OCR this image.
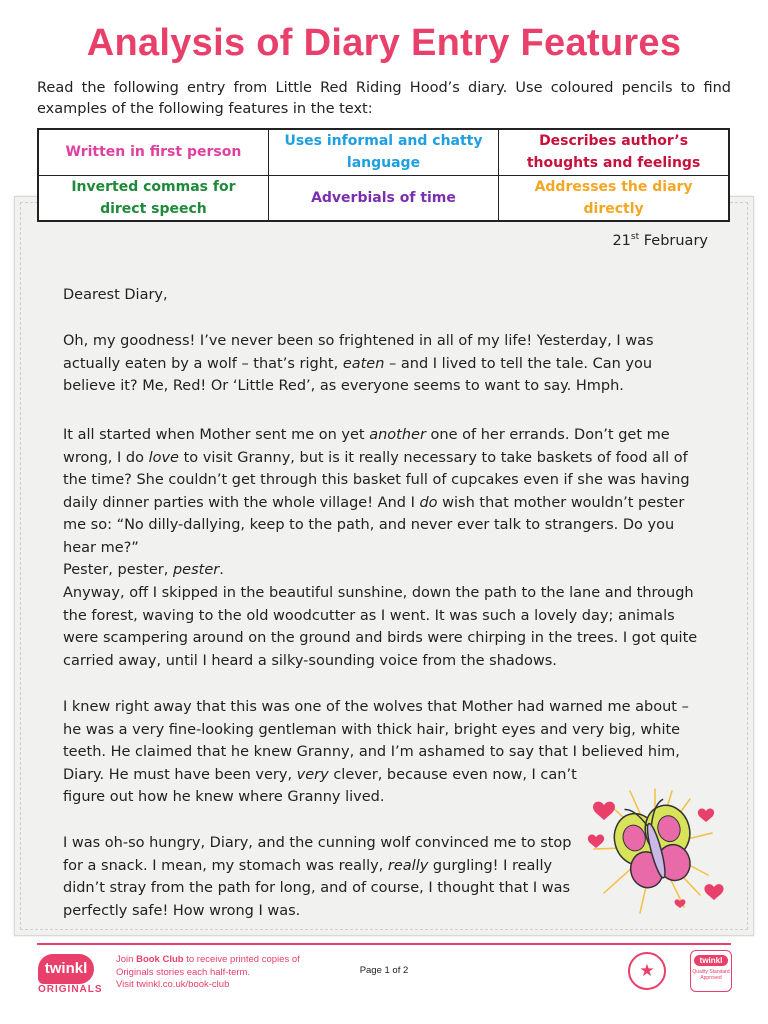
Analysis of Diary Entry Features
Read the following entry from Little Red Riding Hood’s diary. Use coloured pencils to find examples of the following features in the text:
Written in first person	Uses informal and chatty language	Describes author’s thoughts and feelings
Inverted commas for direct speech	Adverbials of time	Addresses the diary directly
21st February
Dearest Diary,
Oh, my goodness! I’ve never been so frightened in all of my life! Yesterday, I was actually eaten by a wolf – that’s right, eaten – and I lived to tell the tale. Can you believe it? Me, Red! Or ‘Little Red’, as everyone seems to want to say. Hmph.
It all started when Mother sent me on yet another one of her errands. Don’t get me wrong, I do love to visit Granny, but is it really necessary to take baskets of food all of the time? She couldn’t get through this basket full of cupcakes even if she was having daily dinner parties with the whole village! And I do wish that mother wouldn’t pester me so: “No dilly-dallying, keep to the path, and never ever talk to strangers. Do you hear me?”
Pester, pester, pester.
Anyway, off I skipped in the beautiful sunshine, down the path to the lane and through the forest, waving to the old woodcutter as I went. It was such a lovely day; animals were scampering around on the ground and birds were chirping in the trees. I got quite carried away, until I heard a silky-sounding voice from the shadows.
I knew right away that this was one of the wolves that Mother had warned me about – he was a very fine-looking gentleman with thick hair, bright eyes and very big, white teeth. He claimed that he knew Granny, and I’m ashamed to say that I believed him, Diary. He must have been very, very clever, because even now, I can’t
figure out how he knew where Granny lived.
I was oh-so hungry, Diary, and the cunning wolf convinced me to stop for a snack. I mean, my stomach was really, really gurgling! I really didn’t stray from the path for long, and of course, I thought that I was perfectly safe! How wrong I was.
twinkl
ORIGINALS
Join Book Club to receive printed copies of Originals stories each half-term.
Visit twinkl.co.uk/book-club
Page 1 of 2	★
twinkl
Quality Standard Approved
